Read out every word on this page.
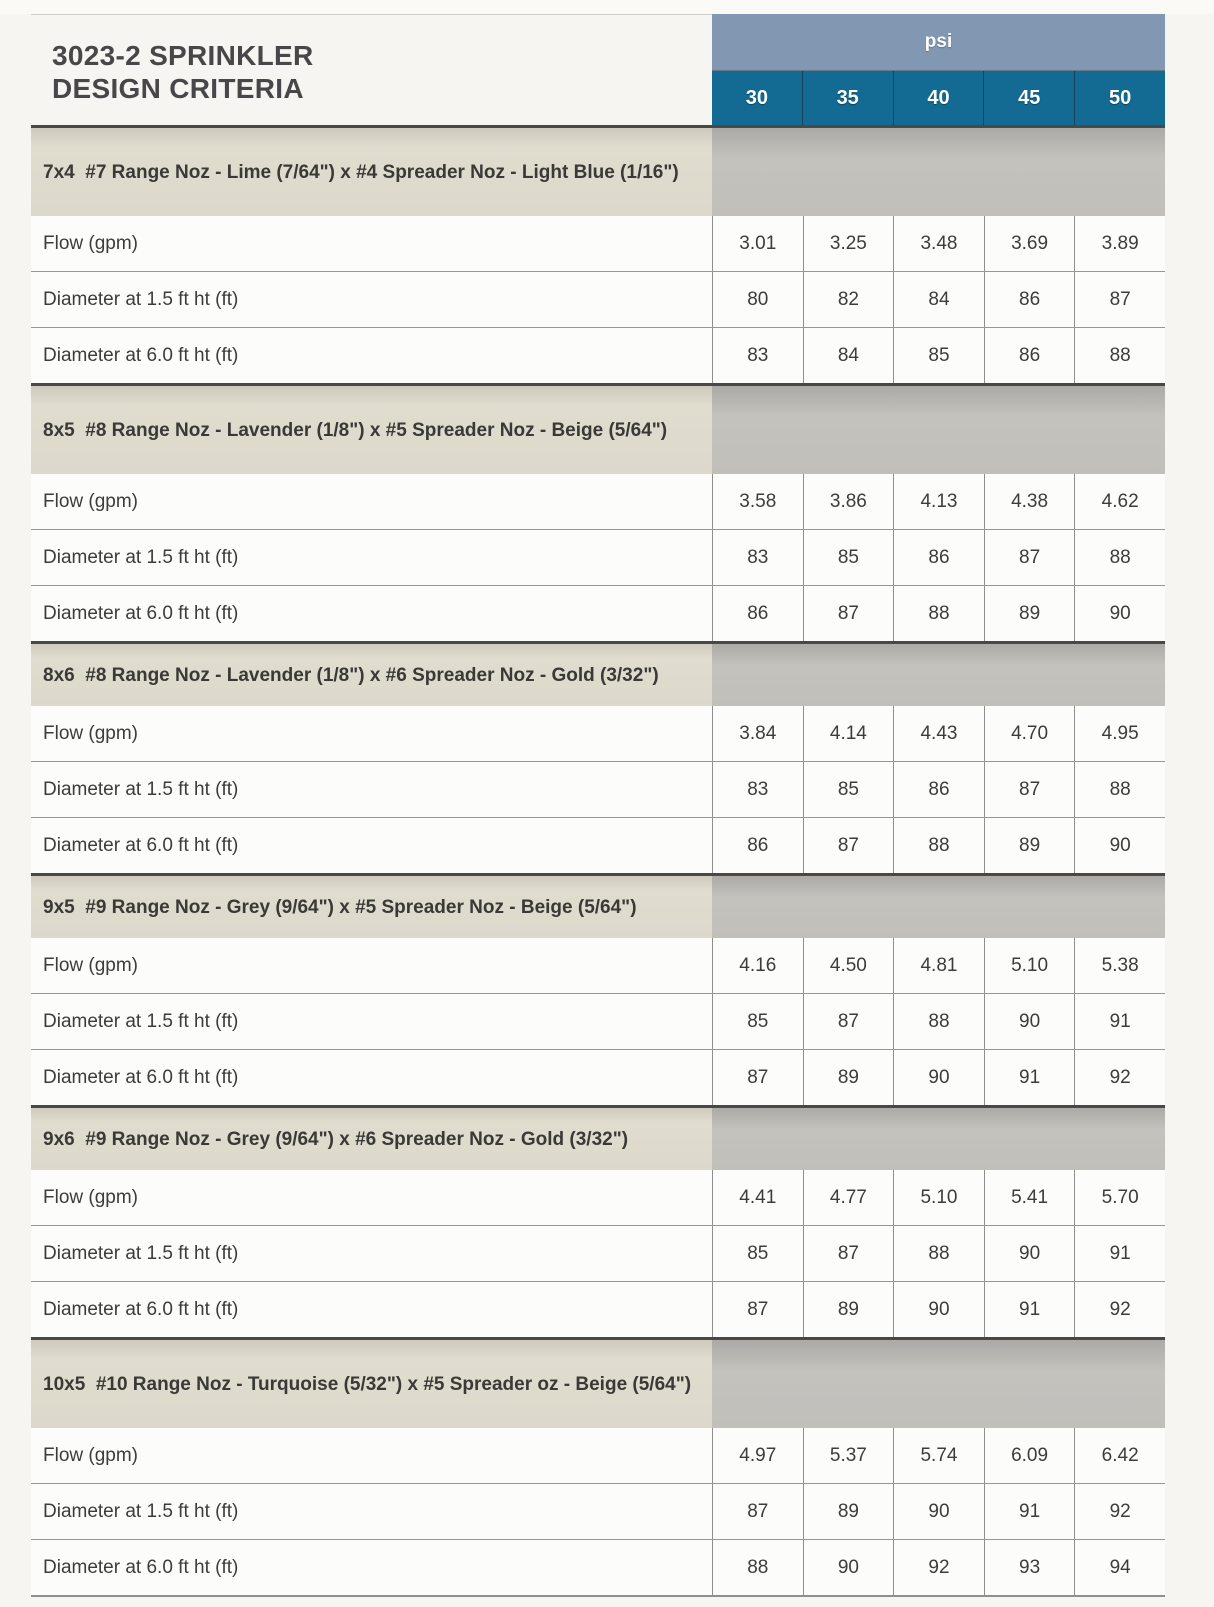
3023-2 SPRINKLER
DESIGN CRITERIA
psi
30	35	40	45	50
7x4  #7 Range Noz - Lime (7/64") x #4 Spreader Noz - Light Blue (1/16")
Flow (gpm)	3.01	3.25	3.48	3.69	3.89
Diameter at 1.5 ft ht (ft)	80	82	84	86	87
Diameter at 6.0 ft ht (ft)	83	84	85	86	88
8x5  #8 Range Noz - Lavender (1/8") x #5 Spreader Noz - Beige (5/64")
Flow (gpm)	3.58	3.86	4.13	4.38	4.62
Diameter at 1.5 ft ht (ft)	83	85	86	87	88
Diameter at 6.0 ft ht (ft)	86	87	88	89	90
8x6  #8 Range Noz - Lavender (1/8") x #6 Spreader Noz - Gold (3/32")
Flow (gpm)	3.84	4.14	4.43	4.70	4.95
Diameter at 1.5 ft ht (ft)	83	85	86	87	88
Diameter at 6.0 ft ht (ft)	86	87	88	89	90
9x5  #9 Range Noz - Grey (9/64") x #5 Spreader Noz - Beige (5/64")
Flow (gpm)	4.16	4.50	4.81	5.10	5.38
Diameter at 1.5 ft ht (ft)	85	87	88	90	91
Diameter at 6.0 ft ht (ft)	87	89	90	91	92
9x6  #9 Range Noz - Grey (9/64") x #6 Spreader Noz - Gold (3/32")
Flow (gpm)	4.41	4.77	5.10	5.41	5.70
Diameter at 1.5 ft ht (ft)	85	87	88	90	91
Diameter at 6.0 ft ht (ft)	87	89	90	91	92
10x5  #10 Range Noz - Turquoise (5/32") x #5 Spreader oz - Beige (5/64")
Flow (gpm)	4.97	5.37	5.74	6.09	6.42
Diameter at 1.5 ft ht (ft)	87	89	90	91	92
Diameter at 6.0 ft ht (ft)	88	90	92	93	94
